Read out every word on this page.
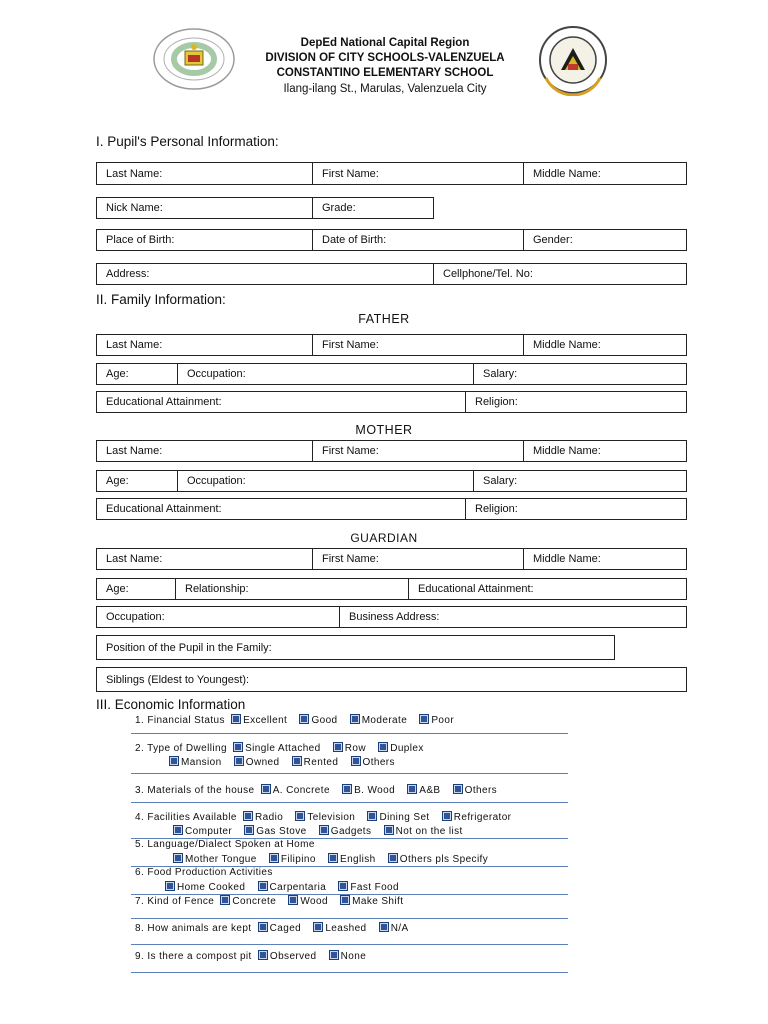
DepEd National Capital Region
DIVISION OF CITY SCHOOLS-VALENZUELA
CONSTANTINO ELEMENTARY SCHOOL
Ilang-ilang St., Marulas, Valenzuela City
I. Pupil's Personal Information:
Last Name:	First Name:	Middle Name:
Nick Name:	Grade:
Place of Birth:	Date of Birth:	Gender:
Address:	Cellphone/Tel. No:
II. Family Information:
FATHER
Last Name:	First Name:	Middle Name:
Age:	Occupation:	Salary:
Educational Attainment:	Religion:
MOTHER
Last Name:	First Name:	Middle Name:
Age:	Occupation:	Salary:
Educational Attainment:	Religion:
GUARDIAN
Last Name:	First Name:	Middle Name:
Age:	Relationship:	Educational Attainment:
Occupation:	Business Address:
Position of the Pupil in the Family:
Siblings (Eldest to Youngest):
III. Economic Information
1. Financial Status Excellent Good Moderate Poor
2. Type of Dwelling Single Attached Row Duplex
Mansion Owned Rented Others
3. Materials of the house A. Concrete B. Wood A&B Others
4. Facilities Available Radio Television Dining Set Refrigerator
Computer Gas Stove Gadgets Not on the list
5. Language/Dialect Spoken at Home
Mother Tongue Filipino English Others pls Specify
6. Food Production Activities
Home Cooked Carpentaria Fast Food
7. Kind of Fence Concrete Wood Make Shift
8. How animals are kept Caged Leashed N/A
9. Is there a compost pit Observed None
